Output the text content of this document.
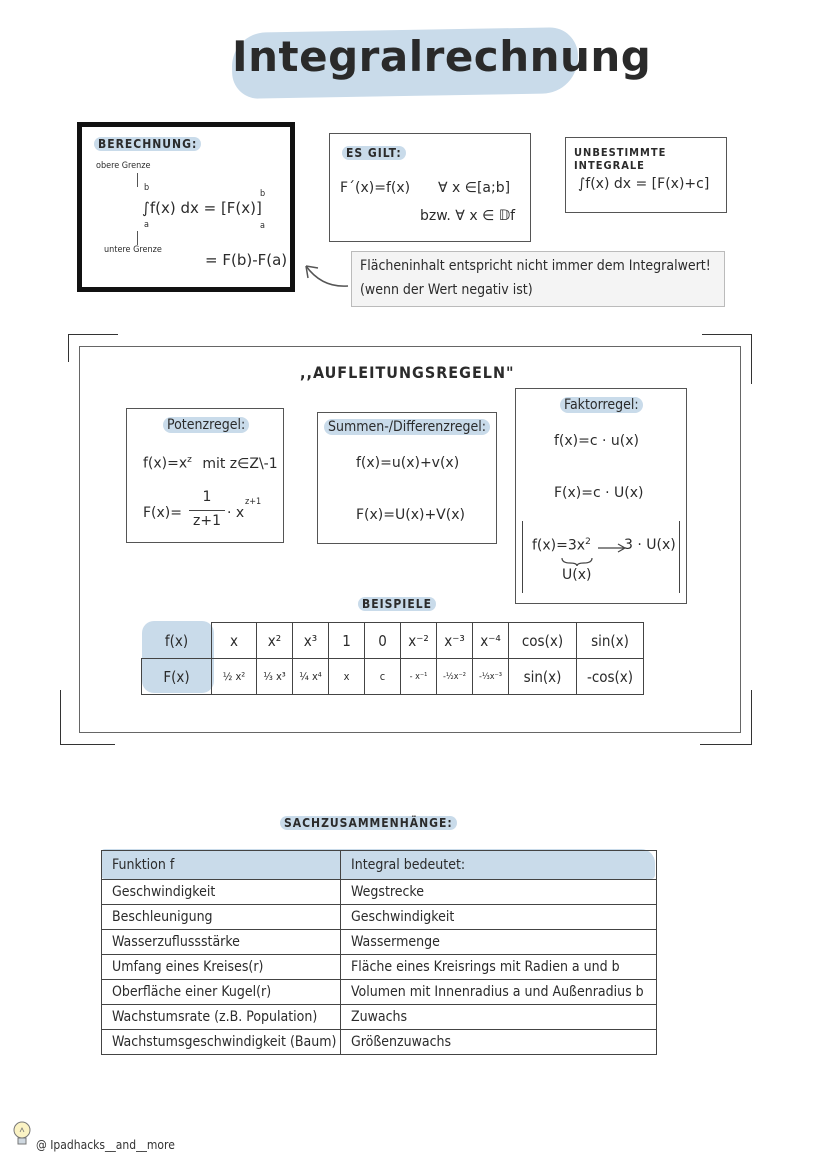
Integralrechnung
BERECHNUNG:
obere Grenze
b
a
∫f(x) dx = [F(x)]
b
a
untere Grenze
= F(b)-F(a)
ES GILT:
F´(x)=f(x) ∀ x ∈[a;b]
bzw. ∀ x ∈ 𝔻f
UNBESTIMMTE INTEGRALE
∫f(x) dx = [F(x)+c]
Flächeninhalt entspricht nicht immer dem Integralwert!
(wenn der Wert negativ ist)
,,AUFLEITUNGSREGELN"
Potenzregel:
$f(x)=x^z$ mit z∈Z\-1
F(x)=
1
z+1 · x
z+1
Summen-/Differenzregel:
f(x)=u(x)+v(x)
F(x)=U(x)+V(x)
Faktorregel:
f(x)=c · u(x)
F(x)=c · U(x)
$f(x)=3x^2$ 3 · U(x)
U(x)
BEISPIELE
f(x)	x	x²	x³	1	0	x⁻²	x⁻³	x⁻⁴	cos(x)	sin(x)
F(x)	½ x²	⅓ x³	¼ x⁴	x	c	- x⁻¹	-½x⁻²	-⅓x⁻³	sin(x)	-cos(x)
SACHZUSAMMENHÄNGE:
Funktion f	Integral bedeutet:
Geschwindigkeit	Wegstrecke
Beschleunigung	Geschwindigkeit
Wasserzuflussstärke	Wassermenge
Umfang eines Kreises(r)	Fläche eines Kreisrings mit Radien a und b
Oberfläche einer Kugel(r)	Volumen mit Innenradius a und Außenradius b
Wachstumsrate (z.B. Population)	Zuwachs
Wachstumsgeschwindigkeit (Baum)	Größenzuwachs
@ Ipadhacks__and__more
